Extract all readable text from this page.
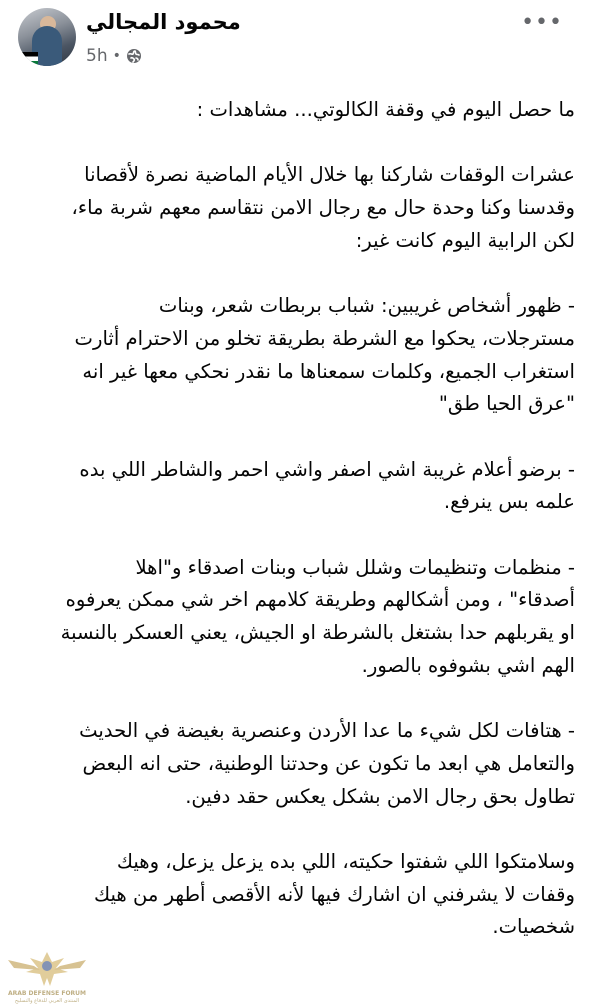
محمود المجالي
5h •
•••
ما حصل اليوم في وقفة الكالوتي... مشاهدات :
عشرات الوقفات شاركنا بها خلال الأيام الماضية نصرة لأقصانا
وقدسنا وكنا وحدة حال مع رجال الامن نتقاسم معهم شربة ماء،
لكن الرابية اليوم كانت غير:
- ظهور أشخاص غريبين: شباب بربطات شعر، وبنات
مسترجلات، يحكوا مع الشرطة بطريقة تخلو من الاحترام أثارت
استغراب الجميع، وكلمات سمعناها ما نقدر نحكي معها غير انه
"عرق الحيا طق"
- برضو أعلام غريبة اشي اصفر واشي احمر والشاطر اللي بده
علمه بس ينرفع.
- منظمات وتنظيمات وشلل شباب وبنات اصدقاء و"اهلا
أصدقاء" ، ومن أشكالهم وطريقة كلامهم اخر شي ممكن يعرفوه
او يقربلهم حدا بشتغل بالشرطة او الجيش، يعني العسكر بالنسبة
الهم اشي بشوفوه بالصور.
- هتافات لكل شيء ما عدا الأردن وعنصرية بغيضة في الحديث
والتعامل هي ابعد ما تكون عن وحدتنا الوطنية، حتى انه البعض
تطاول بحق رجال الامن بشكل يعكس حقد دفين.
وسلامتكوا اللي شفتوا حكيته، اللي بده يزعل يزعل، وهيك
وقفات لا يشرفني ان اشارك فيها لأنه الأقصى أطهر من هيك
شخصيات.
ARAB DEFENSE FORUM
المنتدى العربي للدفاع والتسليح
